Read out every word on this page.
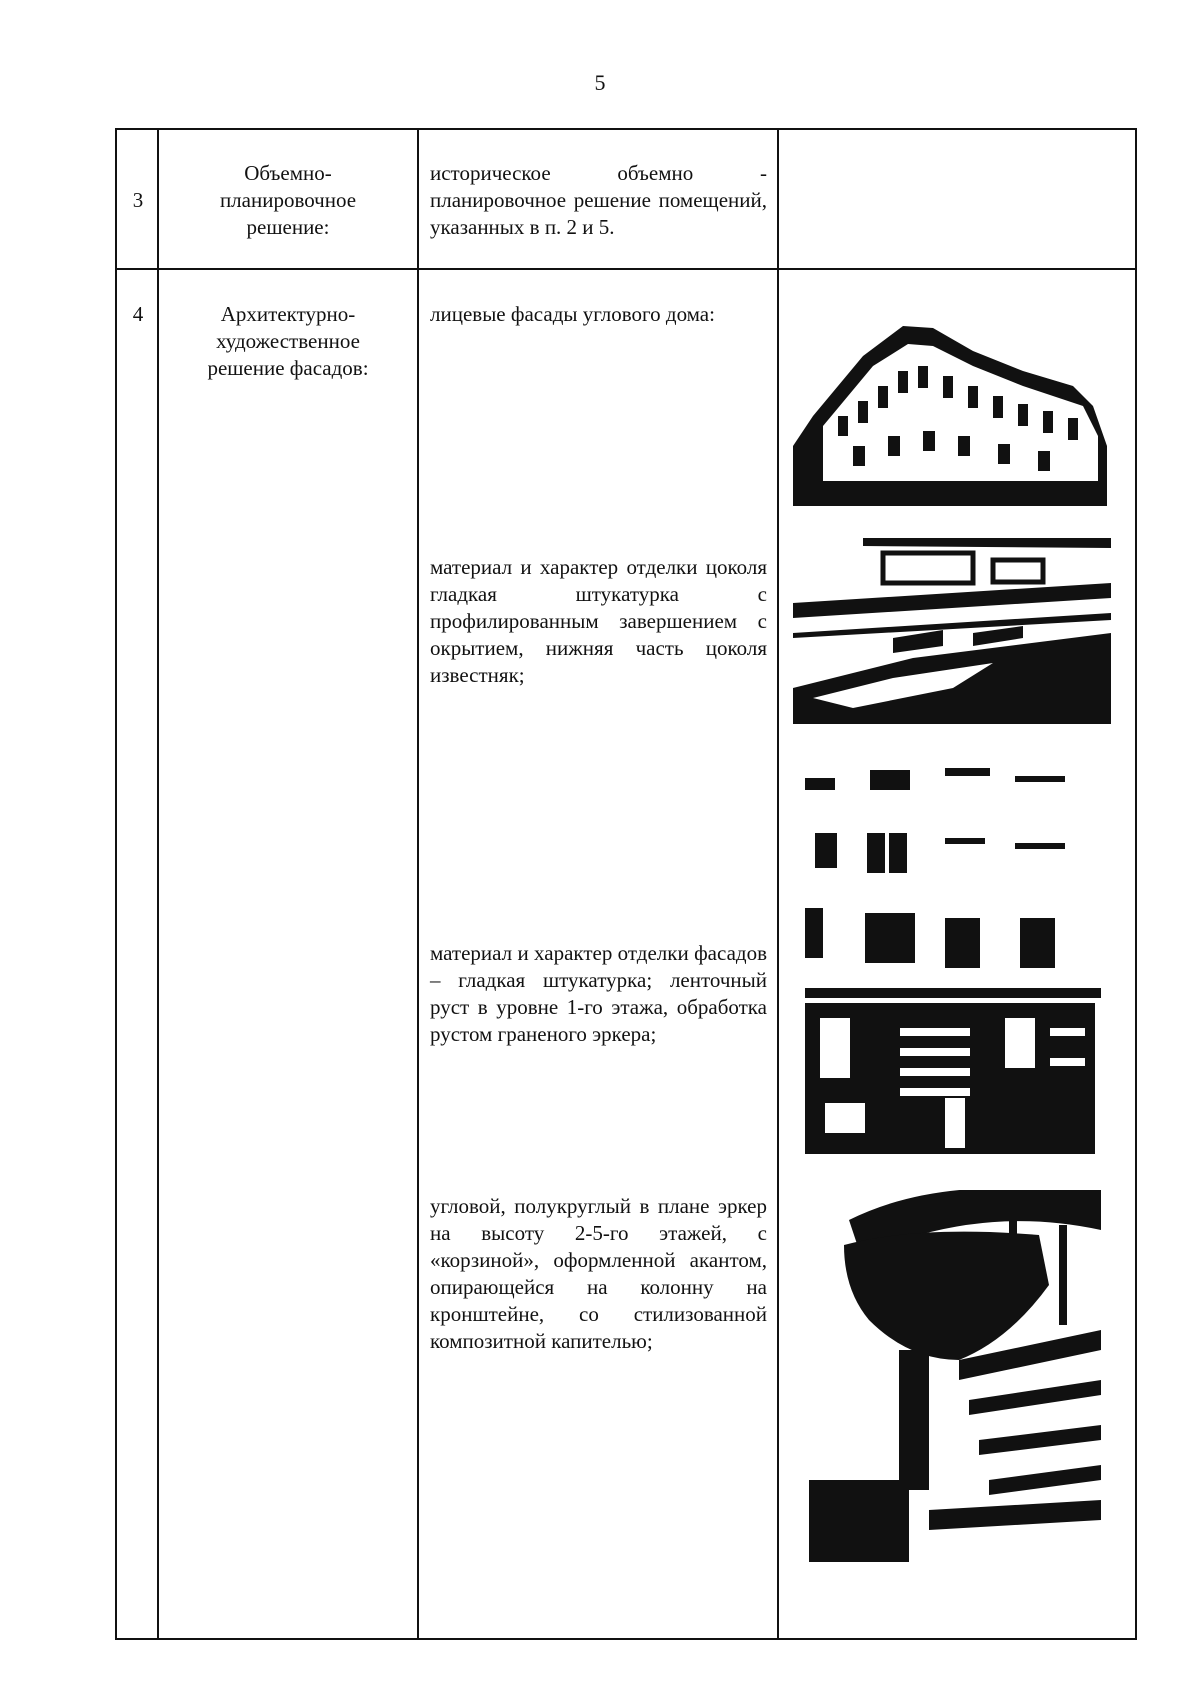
5
3
Объемно-
планировочное
решение:
историческое объемно - планировочное решение помещений, указанных в п. 2 и 5.
4	Архитектурно-
художественное
решение фасадов:
лицевые фасады углового дома:
материал и характер отделки цоколя гладкая штукатурка с профилированным завершением с окрытием, нижняя часть цоколя известняк;
материал и характер отделки фасадов – гладкая штукатурка; ленточный руст в уровне 1-го этажа, обработка рустом граненого эркера;
угловой, полукруглый в плане эркер на высоту 2-5-го этажей, с «корзиной», оформленной акантом, опирающейся на колонну на кронштейне, со стилизованной композитной капителью;
